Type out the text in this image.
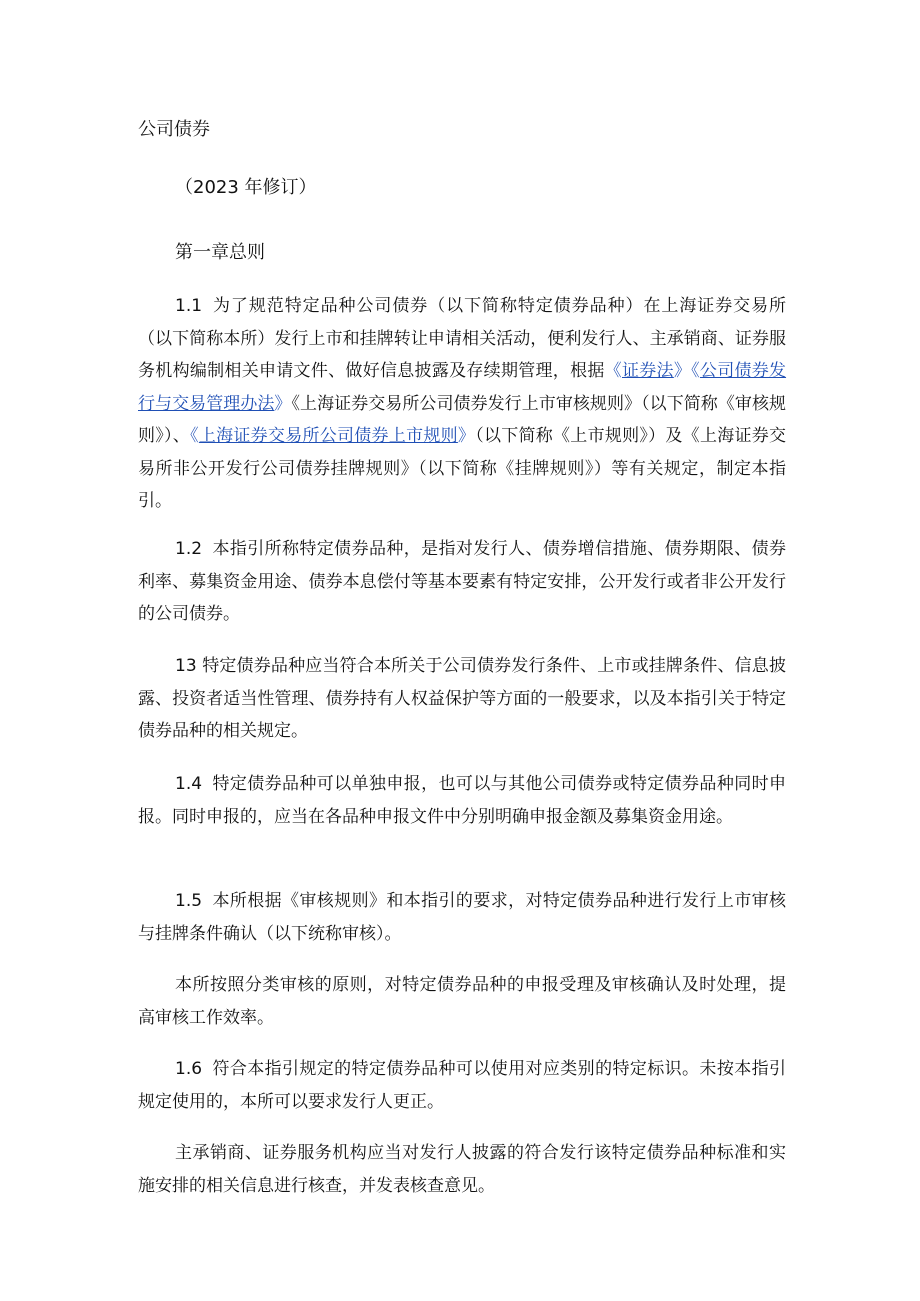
公司债券
（2023 年修订）
第一章总则

1.1 为了规范特定品种公司债券（以下简称特定债券品种）在上海证券交易所（以下简称本所）发行上市和挂牌转让申请相关活动，便利发行人、主承销商、证券服务机构编制相关申请文件、做好信息披露及存续期管理，根据《证券法》《公司债券发行与交易管理办法》《上海证券交易所公司债券发行上市审核规则》（以下简称《审核规则》）、《上海证券交易所公司债券上市规则》（以下简称《上市规则》）及《上海证券交易所非公开发行公司债券挂牌规则》（以下简称《挂牌规则》）等有关规定，制定本指引。

1.2 本指引所称特定债券品种，是指对发行人、债券增信措施、债券期限、债券利率、募集资金用途、债券本息偿付等基本要素有特定安排，公开发行或者非公开发行的公司债券。

13 特定债券品种应当符合本所关于公司债券发行条件、上市或挂牌条件、信息披露、投资者适当性管理、债券持有人权益保护等方面的一般要求，以及本指引关于特定债券品种的相关规定。

1.4 特定债券品种可以单独申报，也可以与其他公司债券或特定债券品种同时申报。同时申报的，应当在各品种申报文件中分别明确申报金额及募集资金用途。

1.5 本所根据《审核规则》和本指引的要求，对特定债券品种进行发行上市审核与挂牌条件确认（以下统称审核）。

本所按照分类审核的原则，对特定债券品种的申报受理及审核确认及时处理，提高审核工作效率。

1.6 符合本指引规定的特定债券品种可以使用对应类别的特定标识。未按本指引规定使用的，本所可以要求发行人更正。

主承销商、证券服务机构应当对发行人披露的符合发行该特定债券品种标准和实施安排的相关信息进行核查，并发表核查意见。
